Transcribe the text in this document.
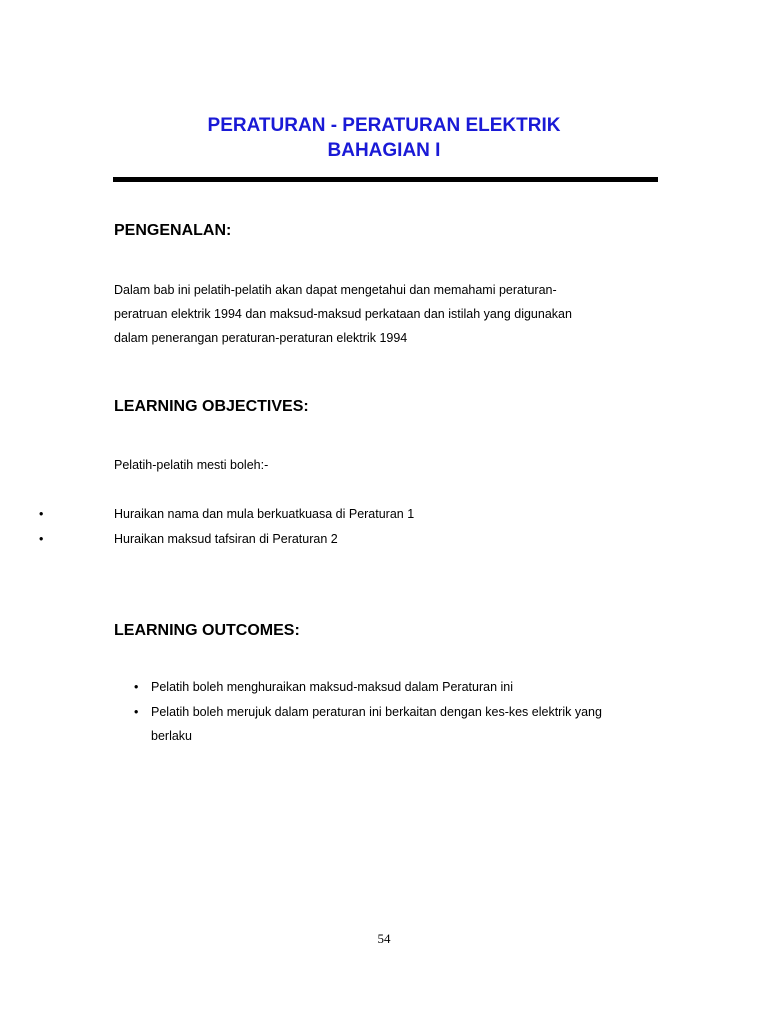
PERATURAN - PERATURAN ELEKTRIK
BAHAGIAN I
PENGENALAN:
Dalam bab ini pelatih-pelatih akan dapat mengetahui dan memahami peraturan-
peratruan elektrik 1994 dan maksud-maksud perkataan dan istilah yang digunakan
dalam penerangan peraturan-peraturan elektrik 1994
LEARNING OBJECTIVES:
Pelatih-pelatih mesti boleh:-
•	Huraikan nama dan mula berkuatkuasa di Peraturan 1
•	Huraikan maksud tafsiran di Peraturan 2
LEARNING OUTCOMES:
• Pelatih boleh menghuraikan maksud-maksud dalam Peraturan ini
• Pelatih boleh merujuk dalam peraturan ini berkaitan dengan kes-kes elektrik yang
berlaku
54
